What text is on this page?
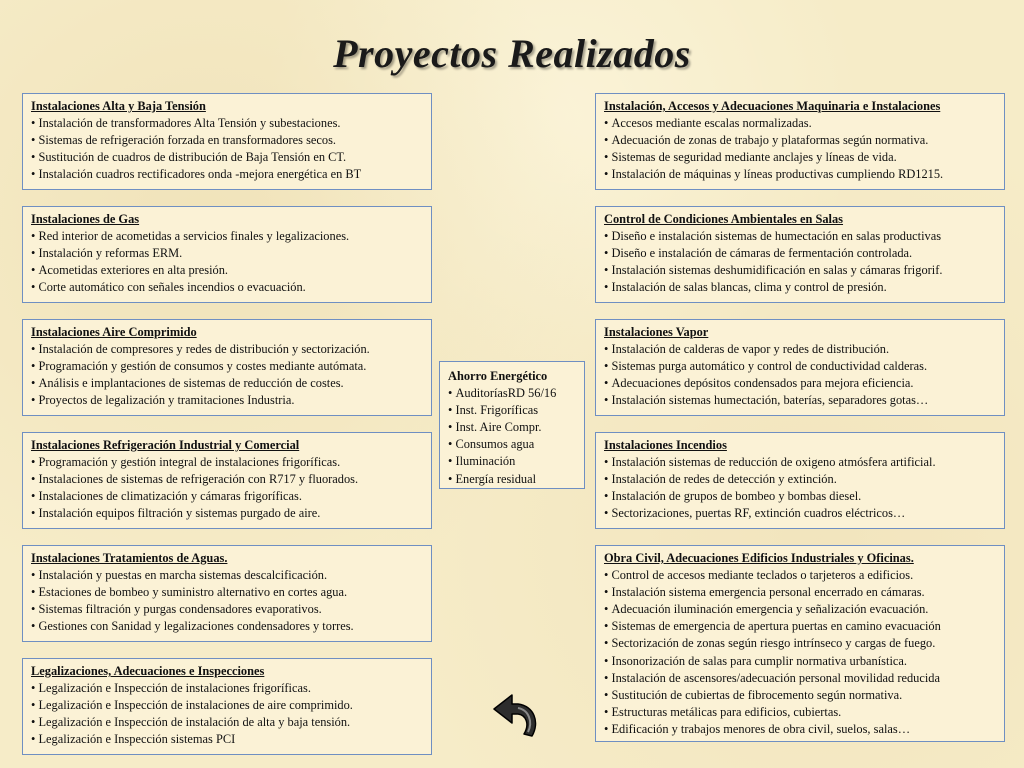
Proyectos Realizados
Instalaciones Alta y Baja Tensión
• Instalación de transformadores Alta Tensión y subestaciones.
• Sistemas de refrigeración forzada en transformadores secos.
• Sustitución de cuadros de distribución de Baja Tensión en CT.
• Instalación cuadros rectificadores onda -mejora energética en BT
Instalaciones de Gas
• Red interior de acometidas a servicios finales y legalizaciones.
• Instalación y reformas ERM.
• Acometidas exteriores en alta presión.
• Corte automático con señales incendios o evacuación.
Instalaciones Aire Comprimido
• Instalación de compresores y redes de distribución y sectorización.
• Programación y gestión de consumos y costes mediante autómata.
• Análisis e implantaciones de sistemas de reducción de costes.
• Proyectos de legalización y tramitaciones Industria.
Instalaciones Refrigeración Industrial y Comercial
• Programación y gestión integral de instalaciones frigoríficas.
• Instalaciones de sistemas de refrigeración con R717 y fluorados.
• Instalaciones de climatización y cámaras frigoríficas.
• Instalación equipos filtración y sistemas purgado de aire.
Instalaciones Tratamientos de Aguas.
• Instalación y puestas en marcha sistemas descalcificación.
• Estaciones de bombeo y suministro alternativo en cortes agua.
• Sistemas filtración y purgas condensadores evaporativos.
• Gestiones con Sanidad y legalizaciones condensadores y torres.
Legalizaciones, Adecuaciones e Inspecciones
• Legalización e Inspección de instalaciones frigoríficas.
• Legalización e Inspección de instalaciones de aire comprimido.
• Legalización e Inspección de instalación de alta y baja tensión.
• Legalización e Inspección sistemas PCI
Ahorro Energético
• AuditoríasRD 56/16
• Inst. Frigoríficas
• Inst. Aire Compr.
• Consumos agua
• Iluminación
• Energía residual
Instalación, Accesos y Adecuaciones Maquinaria e Instalaciones
• Accesos mediante escalas normalizadas.
• Adecuación de zonas de trabajo y plataformas según normativa.
• Sistemas de seguridad mediante anclajes y líneas de vida.
• Instalación de máquinas y líneas productivas cumpliendo RD1215.
Control de Condiciones Ambientales en Salas
• Diseño e instalación sistemas de humectación en salas productivas
• Diseño e instalación de cámaras de fermentación controlada.
• Instalación sistemas deshumidificación en salas y cámaras frigorif.
• Instalación de salas blancas, clima y control de presión.
Instalaciones Vapor
• Instalación de calderas de vapor y redes de distribución.
• Sistemas purga automático y control de conductividad calderas.
• Adecuaciones depósitos condensados para mejora eficiencia.
• Instalación sistemas humectación, baterías, separadores gotas…
Instalaciones Incendios
• Instalación sistemas de reducción de oxigeno atmósfera artificial.
• Instalación de redes de detección y extinción.
• Instalación de grupos de bombeo y bombas diesel.
• Sectorizaciones, puertas RF, extinción cuadros eléctricos…
Obra Civil, Adecuaciones Edificios Industriales y Oficinas.
• Control de accesos mediante teclados o tarjeteros a edificios.
• Instalación sistema emergencia personal encerrado en cámaras.
• Adecuación iluminación emergencia y señalización evacuación.
• Sistemas de emergencia de apertura puertas en camino evacuación
• Sectorización de zonas según riesgo intrínseco y cargas de fuego.
• Insonorización de salas para cumplir normativa urbanística.
• Instalación de ascensores/adecuación personal movilidad reducida
• Sustitución de cubiertas de fibrocemento según normativa.
• Estructuras metálicas para edificios, cubiertas.
• Edificación y trabajos menores de obra civil, suelos, salas…
